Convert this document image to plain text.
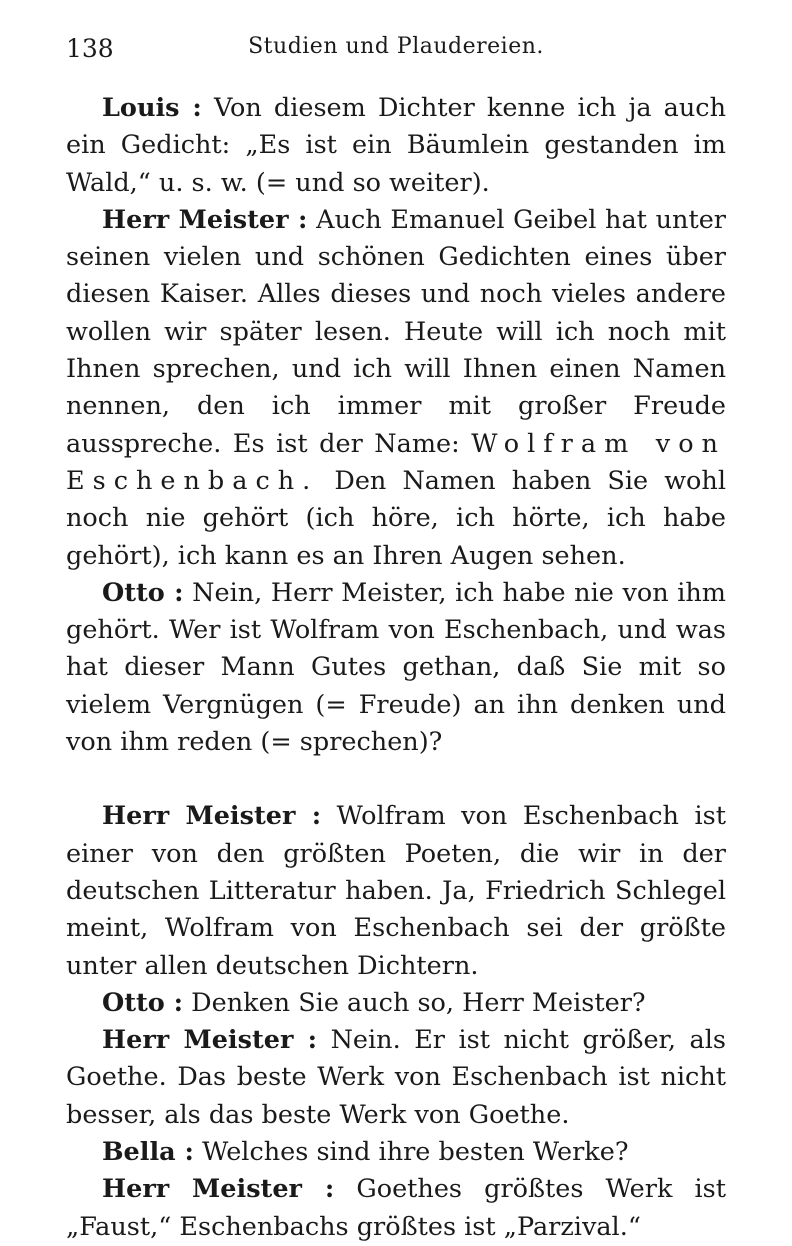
138	Studien und Plaudereien.

Louis : Von diesem Dichter kenne ich ja auch ein Gedicht: „Es ist ein Bäumlein gestanden im Wald,“ u. s. w. (= und so weiter).

Herr Meister : Auch Emanuel Geibel hat unter seinen vielen und schönen Gedichten eines über diesen Kaiser. Alles dieses und noch vieles andere wollen wir später lesen. Heute will ich noch mit Ihnen sprechen, und ich will Ihnen einen Namen nennen, den ich immer mit großer Freude ausspreche. Es ist der Name: Wolfram von Eschenbach. Den Namen haben Sie wohl noch nie gehört (ich höre, ich hörte, ich habe gehört), ich kann es an Ihren Augen sehen.

Otto : Nein, Herr Meister, ich habe nie von ihm gehört. Wer ist Wolfram von Eschenbach, und was hat dieser Mann Gutes gethan, daß Sie mit so vielem Vergnügen (= Freude) an ihn denken und von ihm reden (= sprechen)?

Herr Meister : Wolfram von Eschenbach ist einer von den größten Poeten, die wir in der deutschen Litteratur haben. Ja, Friedrich Schlegel meint, Wolfram von Eschenbach sei der größte unter allen deutschen Dichtern.

Otto : Denken Sie auch so, Herr Meister?

Herr Meister : Nein. Er ist nicht größer, als Goethe. Das beste Werk von Eschenbach ist nicht besser, als das beste Werk von Goethe.

Bella : Welches sind ihre besten Werke?

Herr Meister : Goethes größtes Werk ist „Faust,“ Eschenbachs größtes ist „Parzival.“
